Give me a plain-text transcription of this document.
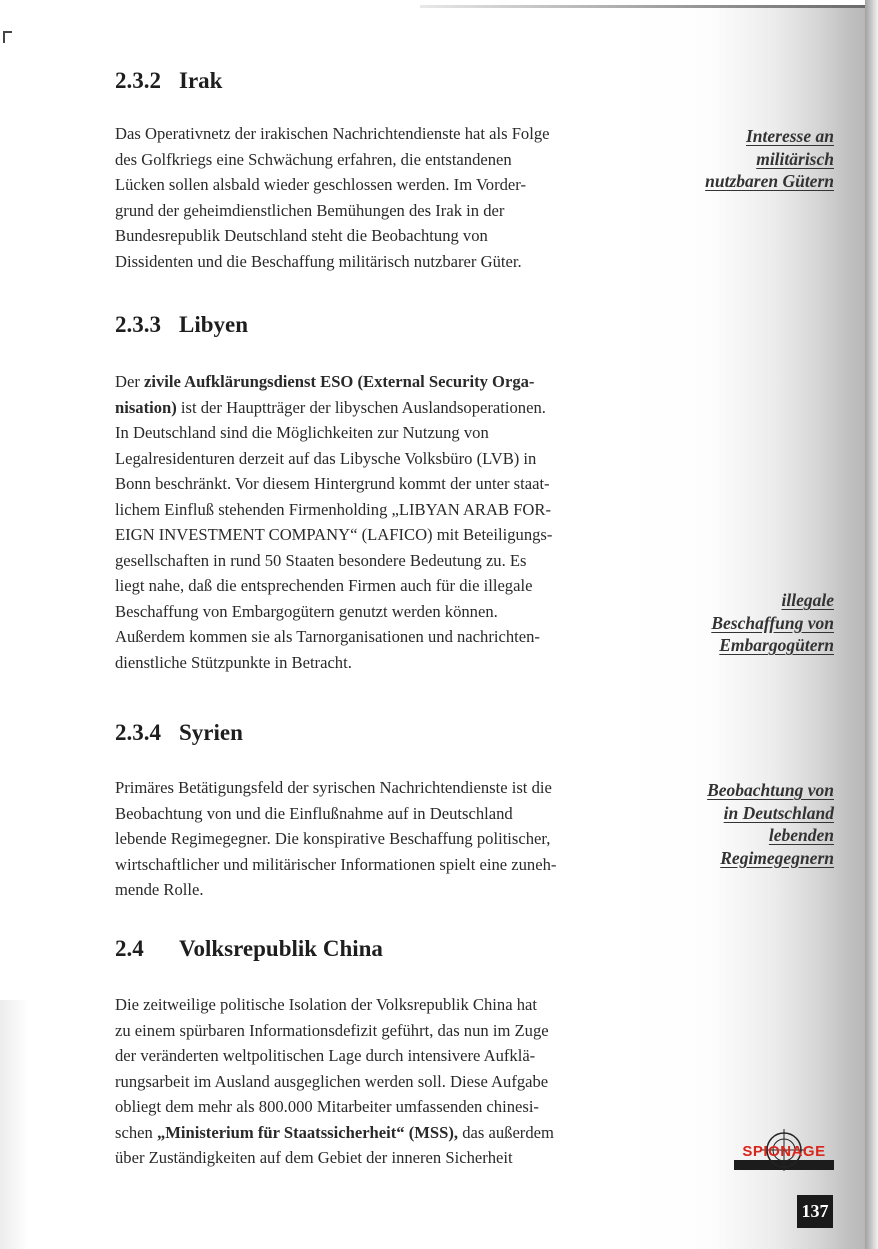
2.3.2 Irak

Das Operativnetz der irakischen Nachrichtendienste hat als Folge
des Golfkriegs eine Schwächung erfahren, die entstandenen
Lücken sollen alsbald wieder geschlossen werden. Im Vorder-
grund der geheimdienstlichen Bemühungen des Irak in der
Bundesrepublik Deutschland steht die Beobachtung von
Dissidenten und die Beschaffung militärisch nutzbarer Güter.

2.3.3 Libyen

Der zivile Aufklärungsdienst ESO (External Security Orga-
nisation) ist der Hauptträger der libyschen Auslandsoperationen.
In Deutschland sind die Möglichkeiten zur Nutzung von
Legalresidenturen derzeit auf das Libysche Volksbüro (LVB) in
Bonn beschränkt. Vor diesem Hintergrund kommt der unter staat-
lichem Einfluß stehenden Firmenholding „LIBYAN ARAB FOR-
EIGN INVESTMENT COMPANY“ (LAFICO) mit Beteiligungs-
gesellschaften in rund 50 Staaten besondere Bedeutung zu. Es
liegt nahe, daß die entsprechenden Firmen auch für die illegale
Beschaffung von Embargogütern genutzt werden können.
Außerdem kommen sie als Tarnorganisationen und nachrichten-
dienstliche Stützpunkte in Betracht.

2.3.4 Syrien

Primäres Betätigungsfeld der syrischen Nachrichtendienste ist die
Beobachtung von und die Einflußnahme auf in Deutschland
lebende Regimegegner. Die konspirative Beschaffung politischer,
wirtschaftlicher und militärischer Informationen spielt eine zuneh-
mende Rolle.

2.4 Volksrepublik China

Die zeitweilige politische Isolation der Volksrepublik China hat
zu einem spürbaren Informationsdefizit geführt, das nun im Zuge
der veränderten weltpolitischen Lage durch intensivere Aufklä-
rungsarbeit im Ausland ausgeglichen werden soll. Diese Aufgabe
obliegt dem mehr als 800.000 Mitarbeiter umfassenden chinesi-
schen „Ministerium für Staatssicherheit“ (MSS), das außerdem
über Zuständigkeiten auf dem Gebiet der inneren Sicherheit

Interesse an
militärisch
nutzbaren Gütern
illegale
Beschaffung von
Embargogütern
Beobachtung von
in Deutschland
lebenden
Regimegegnern
SPIONAGE
137
